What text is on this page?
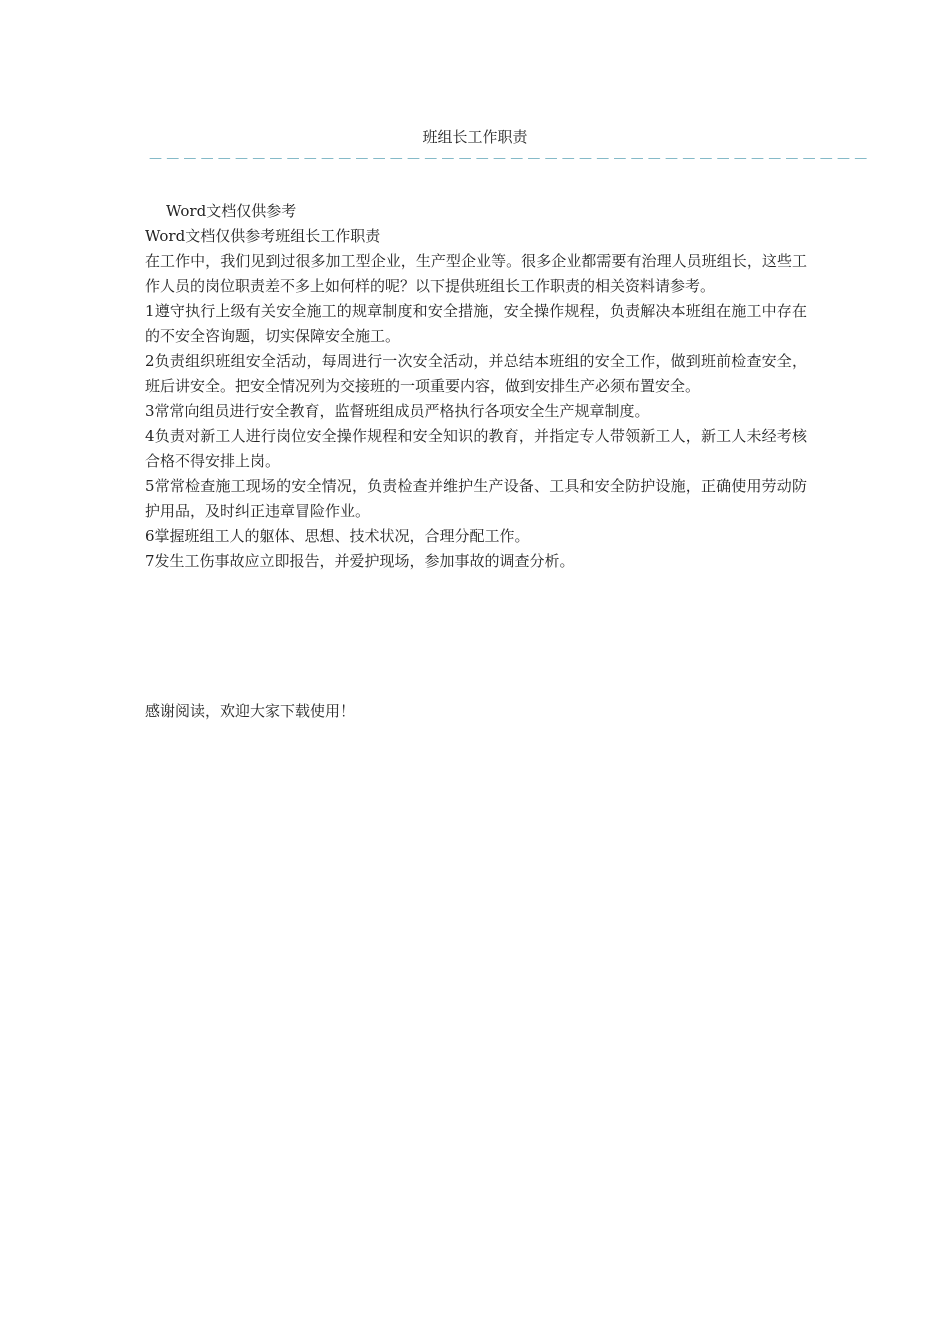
班组长工作职责
——————————————————————————————————————————

Word文档仅供参考

Word文档仅供参考班组长工作职责

在工作中，我们见到过很多加工型企业，生产型企业等。很多企业都需要有治理人员班组长，这些工作人员的岗位职责差不多上如何样的呢？以下提供班组长工作职责的相关资料请参考。

1遵守执行上级有关安全施工的规章制度和安全措施，安全操作规程，负责解决本班组在施工中存在的不安全咨询题，切实保障安全施工。

2负责组织班组安全活动，每周进行一次安全活动，并总结本班组的安全工作，做到班前检查安全，班后讲安全。把安全情况列为交接班的一项重要内容，做到安排生产必须布置安全。

3常常向组员进行安全教育，监督班组成员严格执行各项安全生产规章制度。

4负责对新工人进行岗位安全操作规程和安全知识的教育，并指定专人带领新工人，新工人未经考核合格不得安排上岗。

5常常检查施工现场的安全情况，负责检查并维护生产设备、工具和安全防护设施，正确使用劳动防护用品，及时纠正违章冒险作业。

6掌握班组工人的躯体、思想、技术状况，合理分配工作。

7发生工伤事故应立即报告，并爱护现场，参加事故的调查分析。

感谢阅读，欢迎大家下载使用！
